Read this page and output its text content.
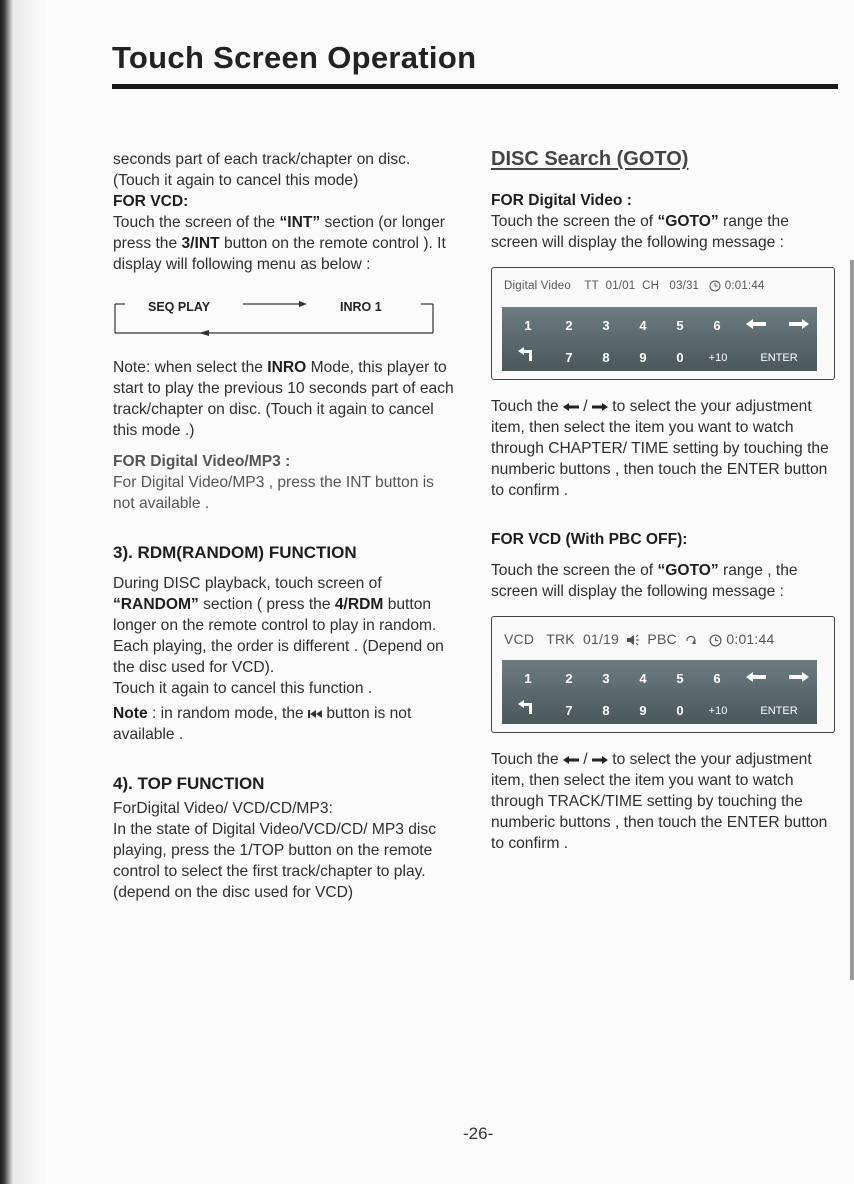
Touch Screen Operation

seconds part of each track/chapter on disc.

(Touch it again to cancel this mode)

FOR VCD:

Touch the screen of the “INT” section (or longer press the 3/INT button on the remote control ). It display will following menu as below :

SEQ PLAY	INRO 1

Note: when select the INRO Mode, this player to start to play the previous 10 seconds part of each track/chapter on disc. (Touch it again to cancel this mode .)

FOR Digital Video/MP3 :

For Digital Video/MP3 , press the INT button is not available .

3). RDM(RANDOM) FUNCTION

During DISC playback, touch screen of “RANDOM” section ( press the 4/RDM button longer on the remote control to play in random. Each playing, the order is different . (Depend on the disc used for VCD).

Touch it again to cancel this function .

Note : in random mode, the  button is not available .

4). TOP FUNCTION

ForDigital Video/ VCD/CD/MP3:

In the state of Digital Video/VCD/CD/ MP3 disc playing, press the 1/TOP button on the remote control to select the first track/chapter to play.(depend on the disc used for VCD)

DISC Search (GOTO)

FOR Digital Video :

Touch the screen the of “GOTO” range the screen will display the following message :

Digital Video TT 01/01 CH 03/31 0:01:44
1	2	3	4	5	6
7	8	9	0	+10	ENTER

Touch the  /  to select the your adjustment item, then select the item you want to watch through CHAPTER/ TIME setting by touching the numberic buttons , then touch the ENTER button to confirm .

FOR VCD (With PBC OFF):

Touch the screen the of “GOTO” range , the screen will display the following message :

VCD TRK 01/19 PBC	0:01:44
1	2	3	4	5	6
7	8	9	0	+10	ENTER

Touch the  /  to select the your adjustment item, then select the item you want to watch through TRACK/TIME setting by touching the numberic buttons , then touch the ENTER button to confirm .

-26-
